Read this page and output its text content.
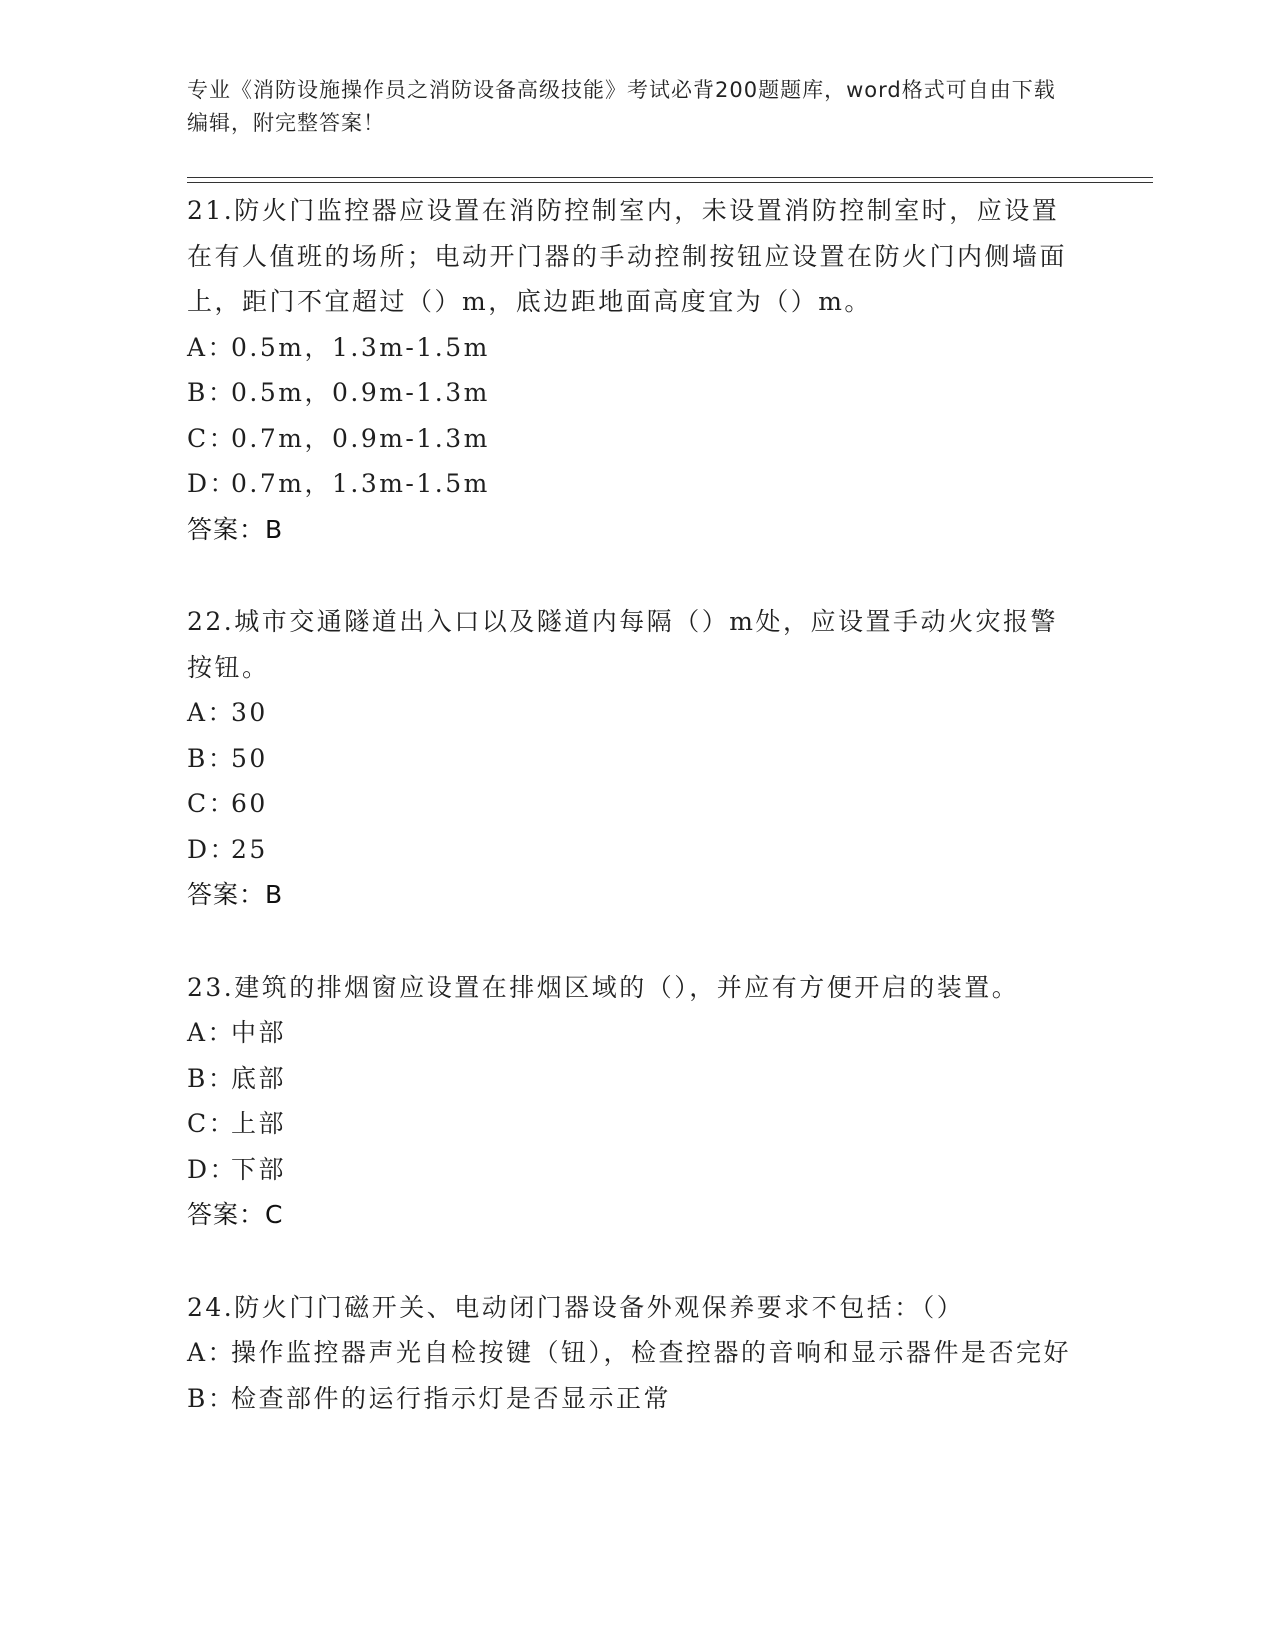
专业《消防设施操作员之消防设备高级技能》考试必背200题题库，word格式可自由下载编辑，附完整答案！

21.防火门监控器应设置在消防控制室内，未设置消防控制室时，应设置在有人值班的场所；电动开门器的手动控制按钮应设置在防火门内侧墙面上，距门不宜超过（）m，底边距地面高度宜为（）m。

A：0.5m，1.3m-1.5m

B：0.5m，0.9m-1.3m

C：0.7m，0.9m-1.3m

D：0.7m，1.3m-1.5m

答案：B

22.城市交通隧道出入口以及隧道内每隔（）m处，应设置手动火灾报警按钮。

A：30

B：50

C：60

D：25

答案：B

23.建筑的排烟窗应设置在排烟区域的（），并应有方便开启的装置。

A：中部

B：底部

C：上部

D：下部

答案：C

24.防火门门磁开关、电动闭门器设备外观保养要求不包括：（）

A：操作监控器声光自检按键（钮），检查控器的音响和显示器件是否完好

B：检查部件的运行指示灯是否显示正常
